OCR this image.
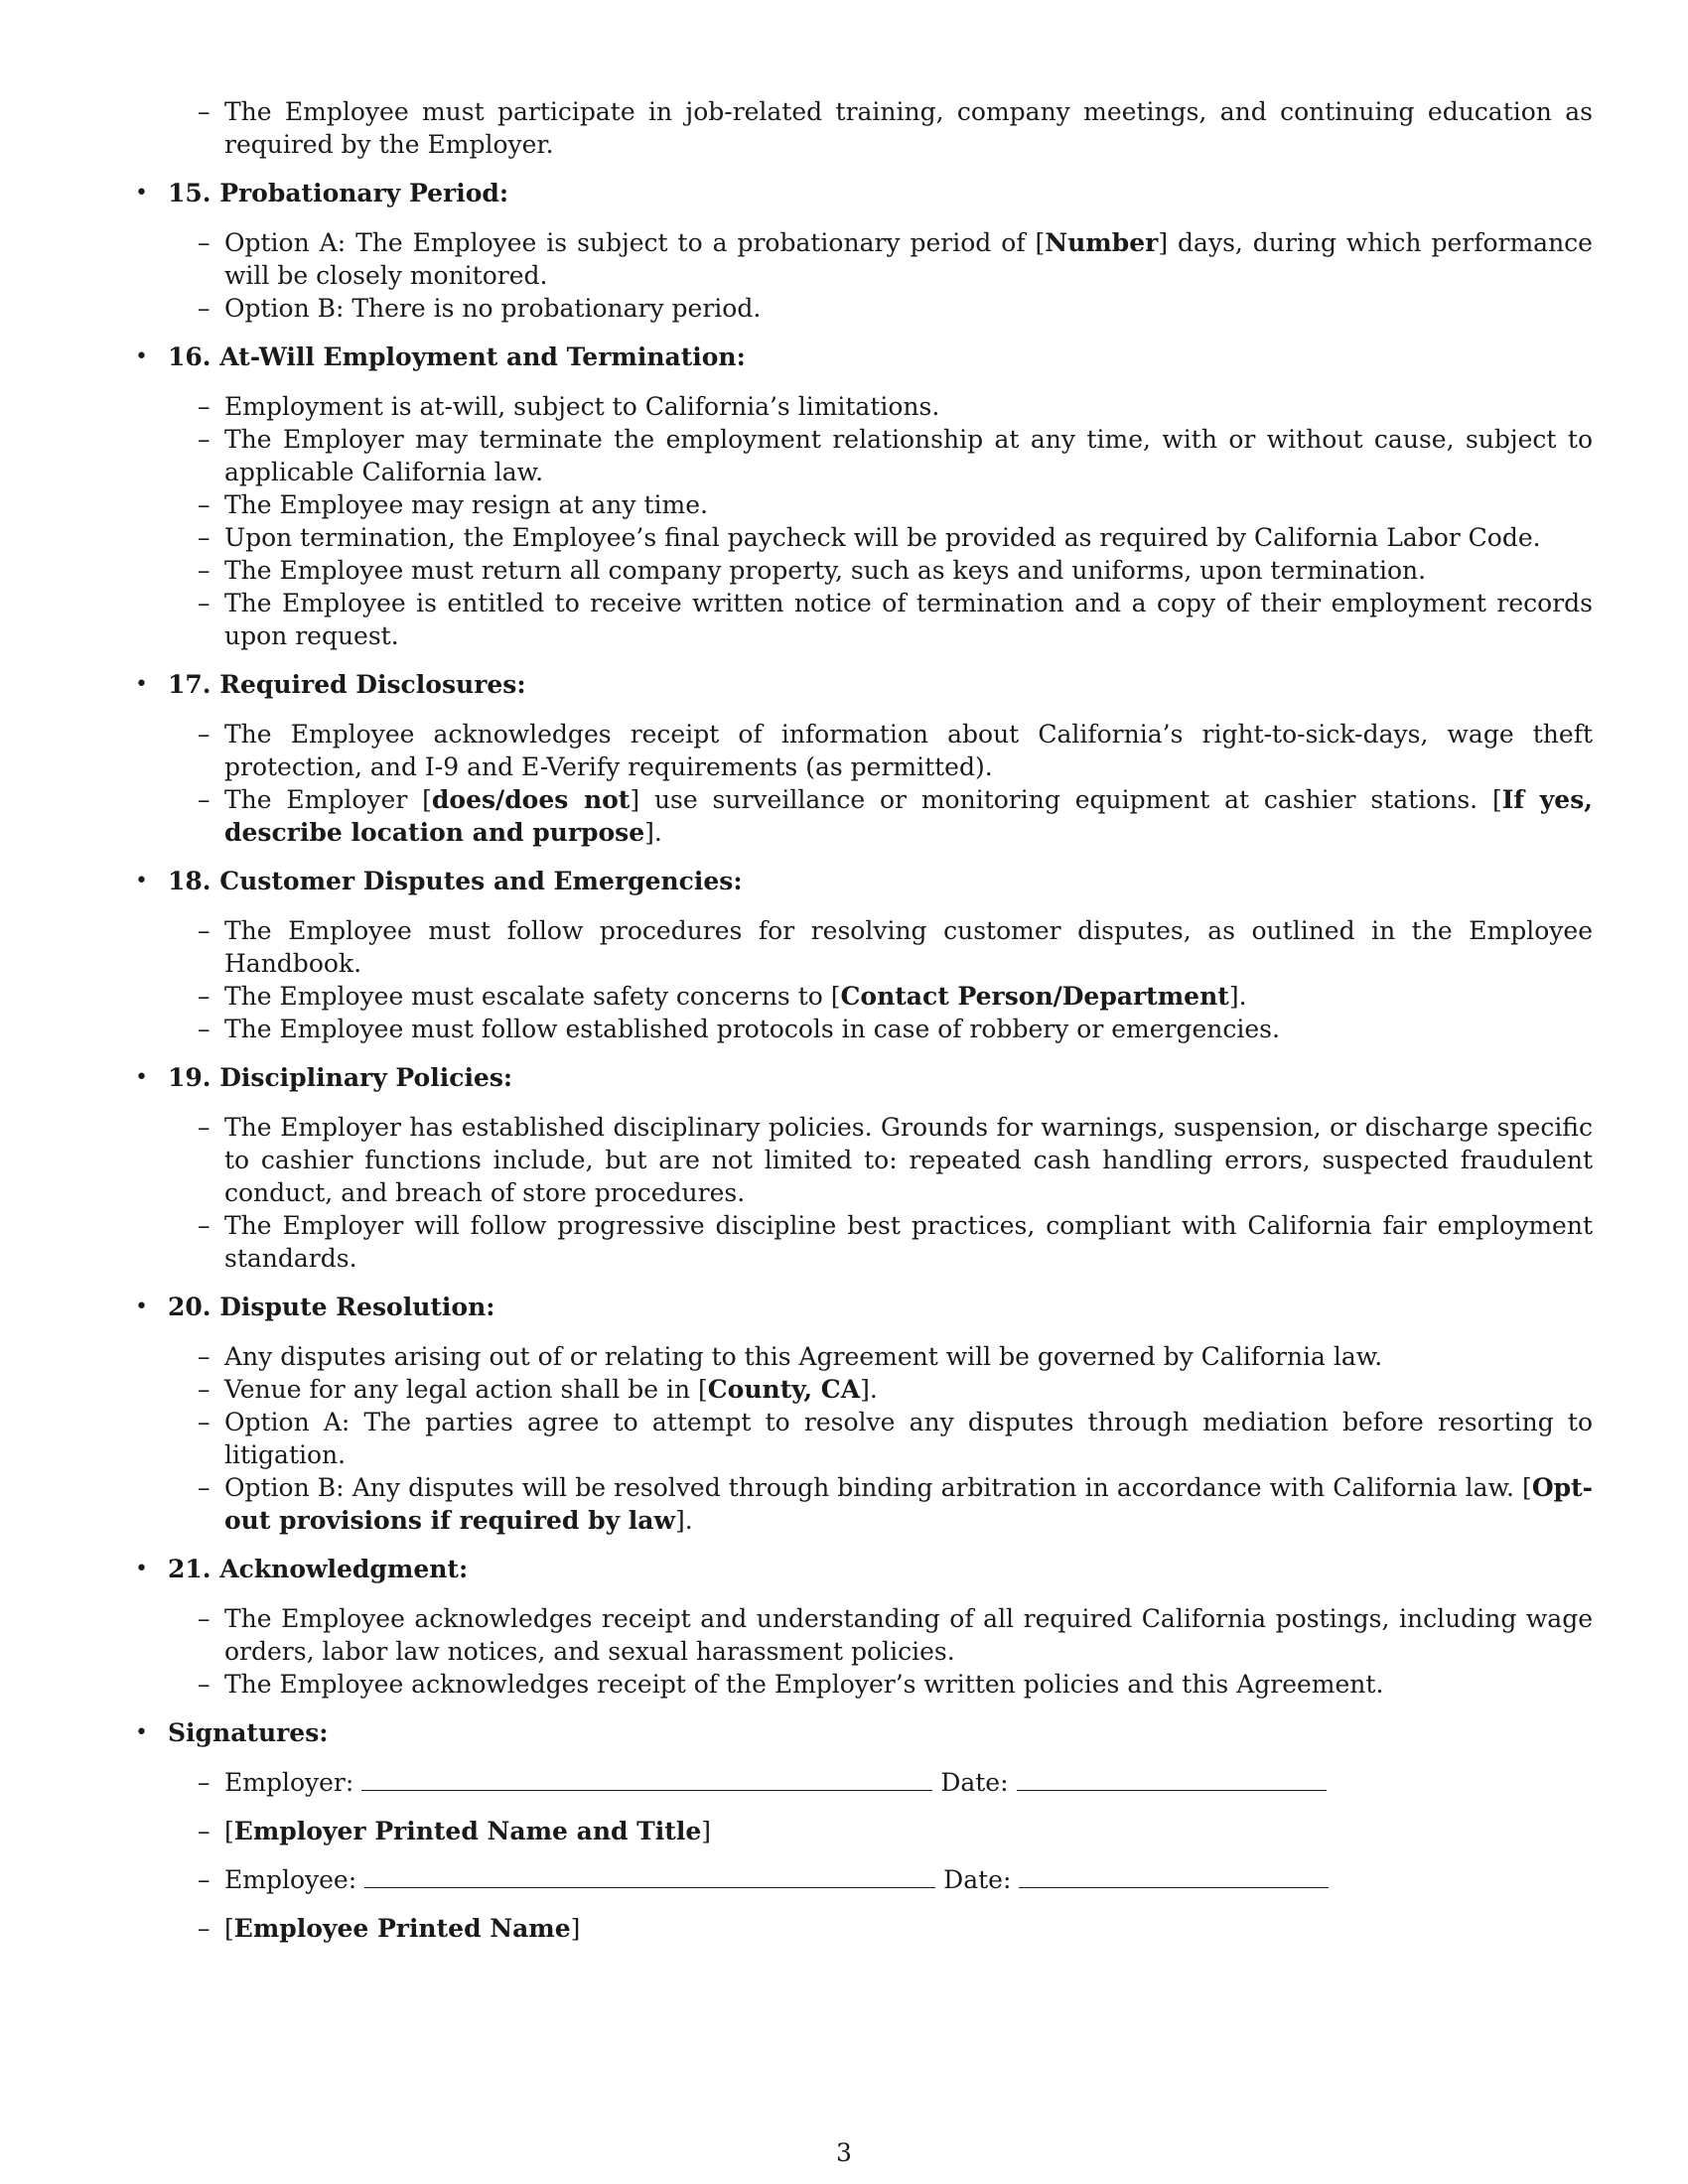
– The Employee must participate in job-related training, company meetings, and continuing education as required by the Employer.
• 15. Probationary Period:
– Option A: The Employee is subject to a probationary period of [Number] days, during which performance will be closely monitored.
– Option B: There is no probationary period.
• 16. At-Will Employment and Termination:
– Employment is at-will, subject to California’s limitations.
– The Employer may terminate the employment relationship at any time, with or without cause, subject to applicable California law.
– The Employee may resign at any time.
– Upon termination, the Employee’s final paycheck will be provided as required by California Labor Code.
– The Employee must return all company property, such as keys and uniforms, upon termination.
– The Employee is entitled to receive written notice of termination and a copy of their employment records upon request.
• 17. Required Disclosures:
– The Employee acknowledges receipt of information about California’s right-to-sick-days, wage theft protection, and I-9 and E-Verify requirements (as permitted).
– The Employer [does/does not] use surveillance or monitoring equipment at cashier stations. [If yes, describe location and purpose].
• 18. Customer Disputes and Emergencies:
– The Employee must follow procedures for resolving customer disputes, as outlined in the Employee Handbook.
– The Employee must escalate safety concerns to [Contact Person/Department].
– The Employee must follow established protocols in case of robbery or emergencies.
• 19. Disciplinary Policies:
– The Employer has established disciplinary policies. Grounds for warnings, suspension, or discharge specific to cashier functions include, but are not limited to: repeated cash handling errors, suspected fraudulent conduct, and breach of store procedures.
– The Employer will follow progressive discipline best practices, compliant with California fair employment standards.
• 20. Dispute Resolution:
– Any disputes arising out of or relating to this Agreement will be governed by California law.
– Venue for any legal action shall be in [County, CA].
– Option A: The parties agree to attempt to resolve any disputes through mediation before resorting to litigation.
– Option B: Any disputes will be resolved through binding arbitration in accordance with California law. [Opt-out provisions if required by law].
• 21. Acknowledgment:
– The Employee acknowledges receipt and understanding of all required California postings, including wage orders, labor law notices, and sexual harassment policies.
– The Employee acknowledges receipt of the Employer’s written policies and this Agreement.
• Signatures:
– Employer:	Date:
– [Employer Printed Name and Title]
– Employee:	Date:
– [Employee Printed Name]
3
